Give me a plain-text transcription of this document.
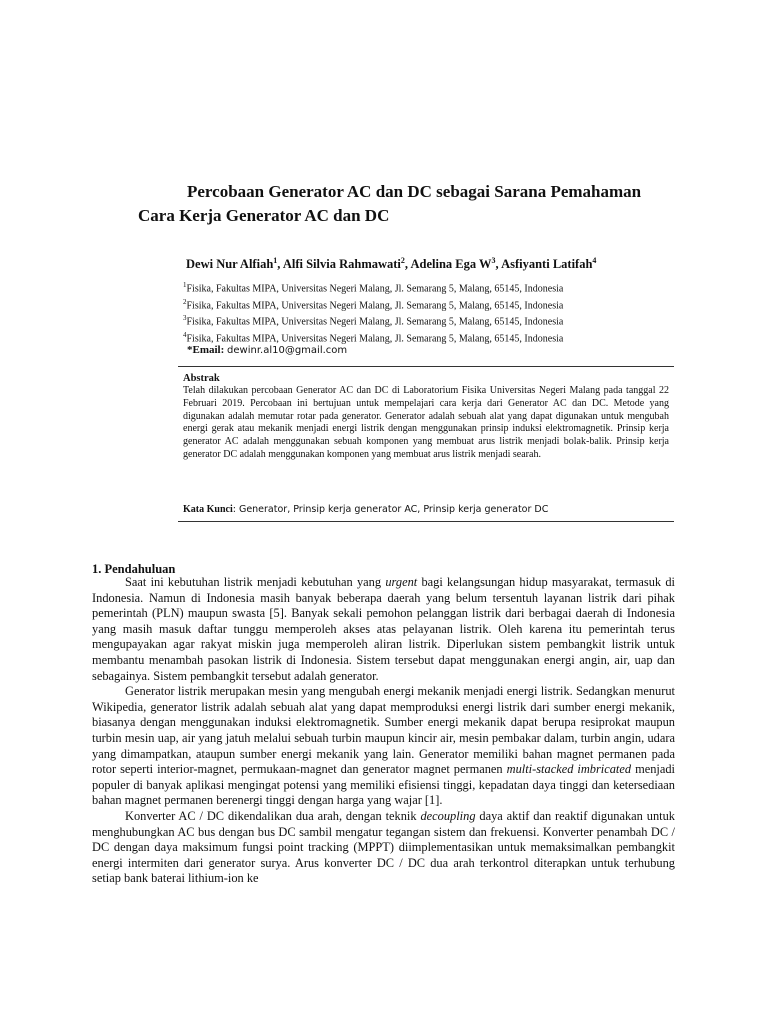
Percobaan Generator AC dan DC sebagai Sarana Pemahaman
Cara Kerja Generator AC dan DC
Dewi Nur Alfiah$^1$, Alfi Silvia Rahmawati$^2$, Adelina Ega $W^3$, Asfiyanti Latifah$^4$
$^1$Fisika, Fakultas MIPA, Universitas Negeri Malang, Jl. Semarang 5, Malang, 65145, Indonesia
$^2$Fisika, Fakultas MIPA, Universitas Negeri Malang, Jl. Semarang 5, Malang, 65145, Indonesia
$^3$Fisika, Fakultas MIPA, Universitas Negeri Malang, Jl. Semarang 5, Malang, 65145, Indonesia
$^4$Fisika, Fakultas MIPA, Universitas Negeri Malang, Jl. Semarang 5, Malang, 65145, Indonesia
*Email: dewinr.al10@gmail.com
Abstrak

Telah dilakukan percobaan Generator AC dan DC di Laboratorium Fisika Universitas Negeri Malang pada tanggal 22 Februari 2019. Percobaan ini bertujuan untuk mempelajari cara kerja dari Generator AC dan DC. Metode yang digunakan adalah memutar rotar pada generator. Generator adalah sebuah alat yang dapat digunakan untuk mengubah energi gerak atau mekanik menjadi energi listrik dengan menggunakan prinsip induksi elektromagnetik. Prinsip kerja generator AC adalah menggunakan sebuah komponen yang membuat arus listrik menjadi bolak-balik. Prinsip kerja generator DC adalah menggunakan komponen yang membuat arus listrik menjadi searah.

Kata Kunci: Generator, Prinsip kerja generator AC, Prinsip kerja generator DC
1. Pendahuluan

Saat ini kebutuhan listrik menjadi kebutuhan yang urgent bagi kelangsungan hidup masyarakat, termasuk di Indonesia. Namun di Indonesia masih banyak beberapa daerah yang belum tersentuh layanan listrik dari pihak pemerintah (PLN) maupun swasta [5]. Banyak sekali pemohon pelanggan listrik dari berbagai daerah di Indonesia yang masih masuk daftar tunggu memperoleh akses atas pelayanan listrik. Oleh karena itu pemerintah terus mengupayakan agar rakyat miskin juga memperoleh aliran listrik. Diperlukan sistem pembangkit listrik untuk membantu menambah pasokan listrik di Indonesia. Sistem tersebut dapat menggunakan energi angin, air, uap dan sebagainya. Sistem pembangkit tersebut adalah generator.

Generator listrik merupakan mesin yang mengubah energi mekanik menjadi energi listrik. Sedangkan menurut Wikipedia, generator listrik adalah sebuah alat yang dapat memproduksi energi listrik dari sumber energi mekanik, biasanya dengan menggunakan induksi elektromagnetik. Sumber energi mekanik dapat berupa resiprokat maupun turbin mesin uap, air yang jatuh melalui sebuah turbin maupun kincir air, mesin pembakar dalam, turbin angin, udara yang dimampatkan, ataupun sumber energi mekanik yang lain. Generator memiliki bahan magnet permanen pada rotor seperti interior-magnet, permukaan-magnet dan generator magnet permanen multi-stacked imbricated menjadi populer di banyak aplikasi mengingat potensi yang memiliki efisiensi tinggi, kepadatan daya tinggi dan ketersediaan bahan magnet permanen berenergi tinggi dengan harga yang wajar [1].

Konverter AC / DC dikendalikan dua arah, dengan teknik decoupling daya aktif dan reaktif digunakan untuk menghubungkan AC bus dengan bus DC sambil mengatur tegangan sistem dan frekuensi. Konverter penambah DC / DC dengan daya maksimum fungsi point tracking (MPPT) diimplementasikan untuk memaksimalkan pembangkit energi intermiten dari generator surya. Arus konverter DC / DC dua arah terkontrol diterapkan untuk terhubung setiap bank baterai lithium-ion ke
